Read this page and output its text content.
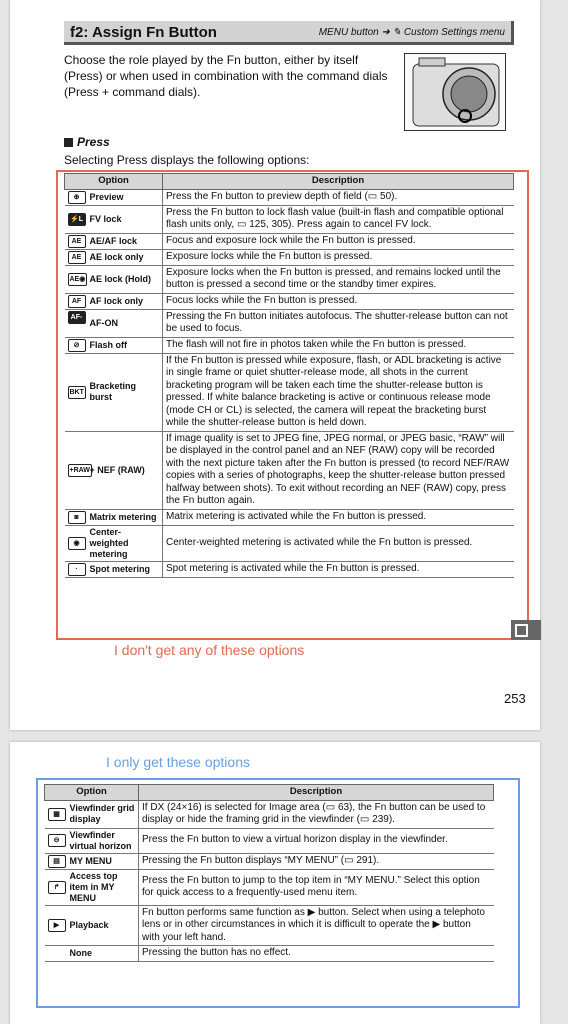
f2: Assign Fn Button	MENU button ➜ ✎ Custom Settings menu
Choose the role played by the Fn button, either by itself (Press) or when used in combination with the command dials (Press + command dials).
Press
Selecting Press displays the following options:
Option		Description
⊕	Preview	Press the Fn button to preview depth of field (▭ 50).
⚡L	FV lock	Press the Fn button to lock flash value (built-in flash and compatible optional flash units only, ▭ 125, 305). Press again to cancel FV lock.
AE	AE/AF lock	Focus and exposure lock while the Fn button is pressed.
AE	AE lock only	Exposure locks while the Fn button is pressed.
AE◉	AE lock (Hold)	Exposure locks when the Fn button is pressed, and remains locked until the button is pressed a second time or the standby timer expires.
AF	AF lock only	Focus locks while the Fn button is pressed.
AF-ON	AF-ON	Pressing the Fn button initiates autofocus. The shutter-release button can not be used to focus.
⊘	Flash off	The flash will not fire in photos taken while the Fn button is pressed.
BKT	Bracketing burst	If the Fn button is pressed while exposure, flash, or ADL bracketing is active in single frame or quiet shutter-release mode, all shots in the current bracketing program will be taken each time the shutter-release button is pressed. If white balance bracketing is active or continuous release mode (mode CH or CL) is selected, the camera will repeat the bracketing burst while the shutter-release button is held down.
+RAW	+ NEF (RAW)	If image quality is set to JPEG fine, JPEG normal, or JPEG basic, “RAW” will be displayed in the control panel and an NEF (RAW) copy will be recorded with the next picture taken after the Fn button is pressed (to record NEF/RAW copies with a series of photographs, keep the shutter-release button pressed halfway between shots). To exit without recording an NEF (RAW) copy, press the Fn button again.
◙	Matrix metering	Matrix metering is activated while the Fn button is pressed.
◉	Center-weighted metering	Center-weighted metering is activated while the Fn button is pressed.
·	Spot metering	Spot metering is activated while the Fn button is pressed.
I don't get any of these options
253
I only get these options
Option		Description
▦	Viewfinder grid display	If DX (24×16) is selected for Image area (▭ 63), the Fn button can be used to display or hide the framing grid in the viewfinder (▭ 239).
⊖	Viewfinder virtual horizon	Press the Fn button to view a virtual horizon display in the viewfinder.
▤	MY MENU	Pressing the Fn button displays “MY MENU” (▭ 291).
↱	Access top item in MY MENU	Press the Fn button to jump to the top item in “MY MENU.” Select this option for quick access to a frequently-used menu item.
▶	Playback	Fn button performs same function as ▶ button. Select when using a telephoto lens or in other circumstances in which it is difficult to operate the ▶ button with your left hand.
	None	Pressing the button has no effect.
